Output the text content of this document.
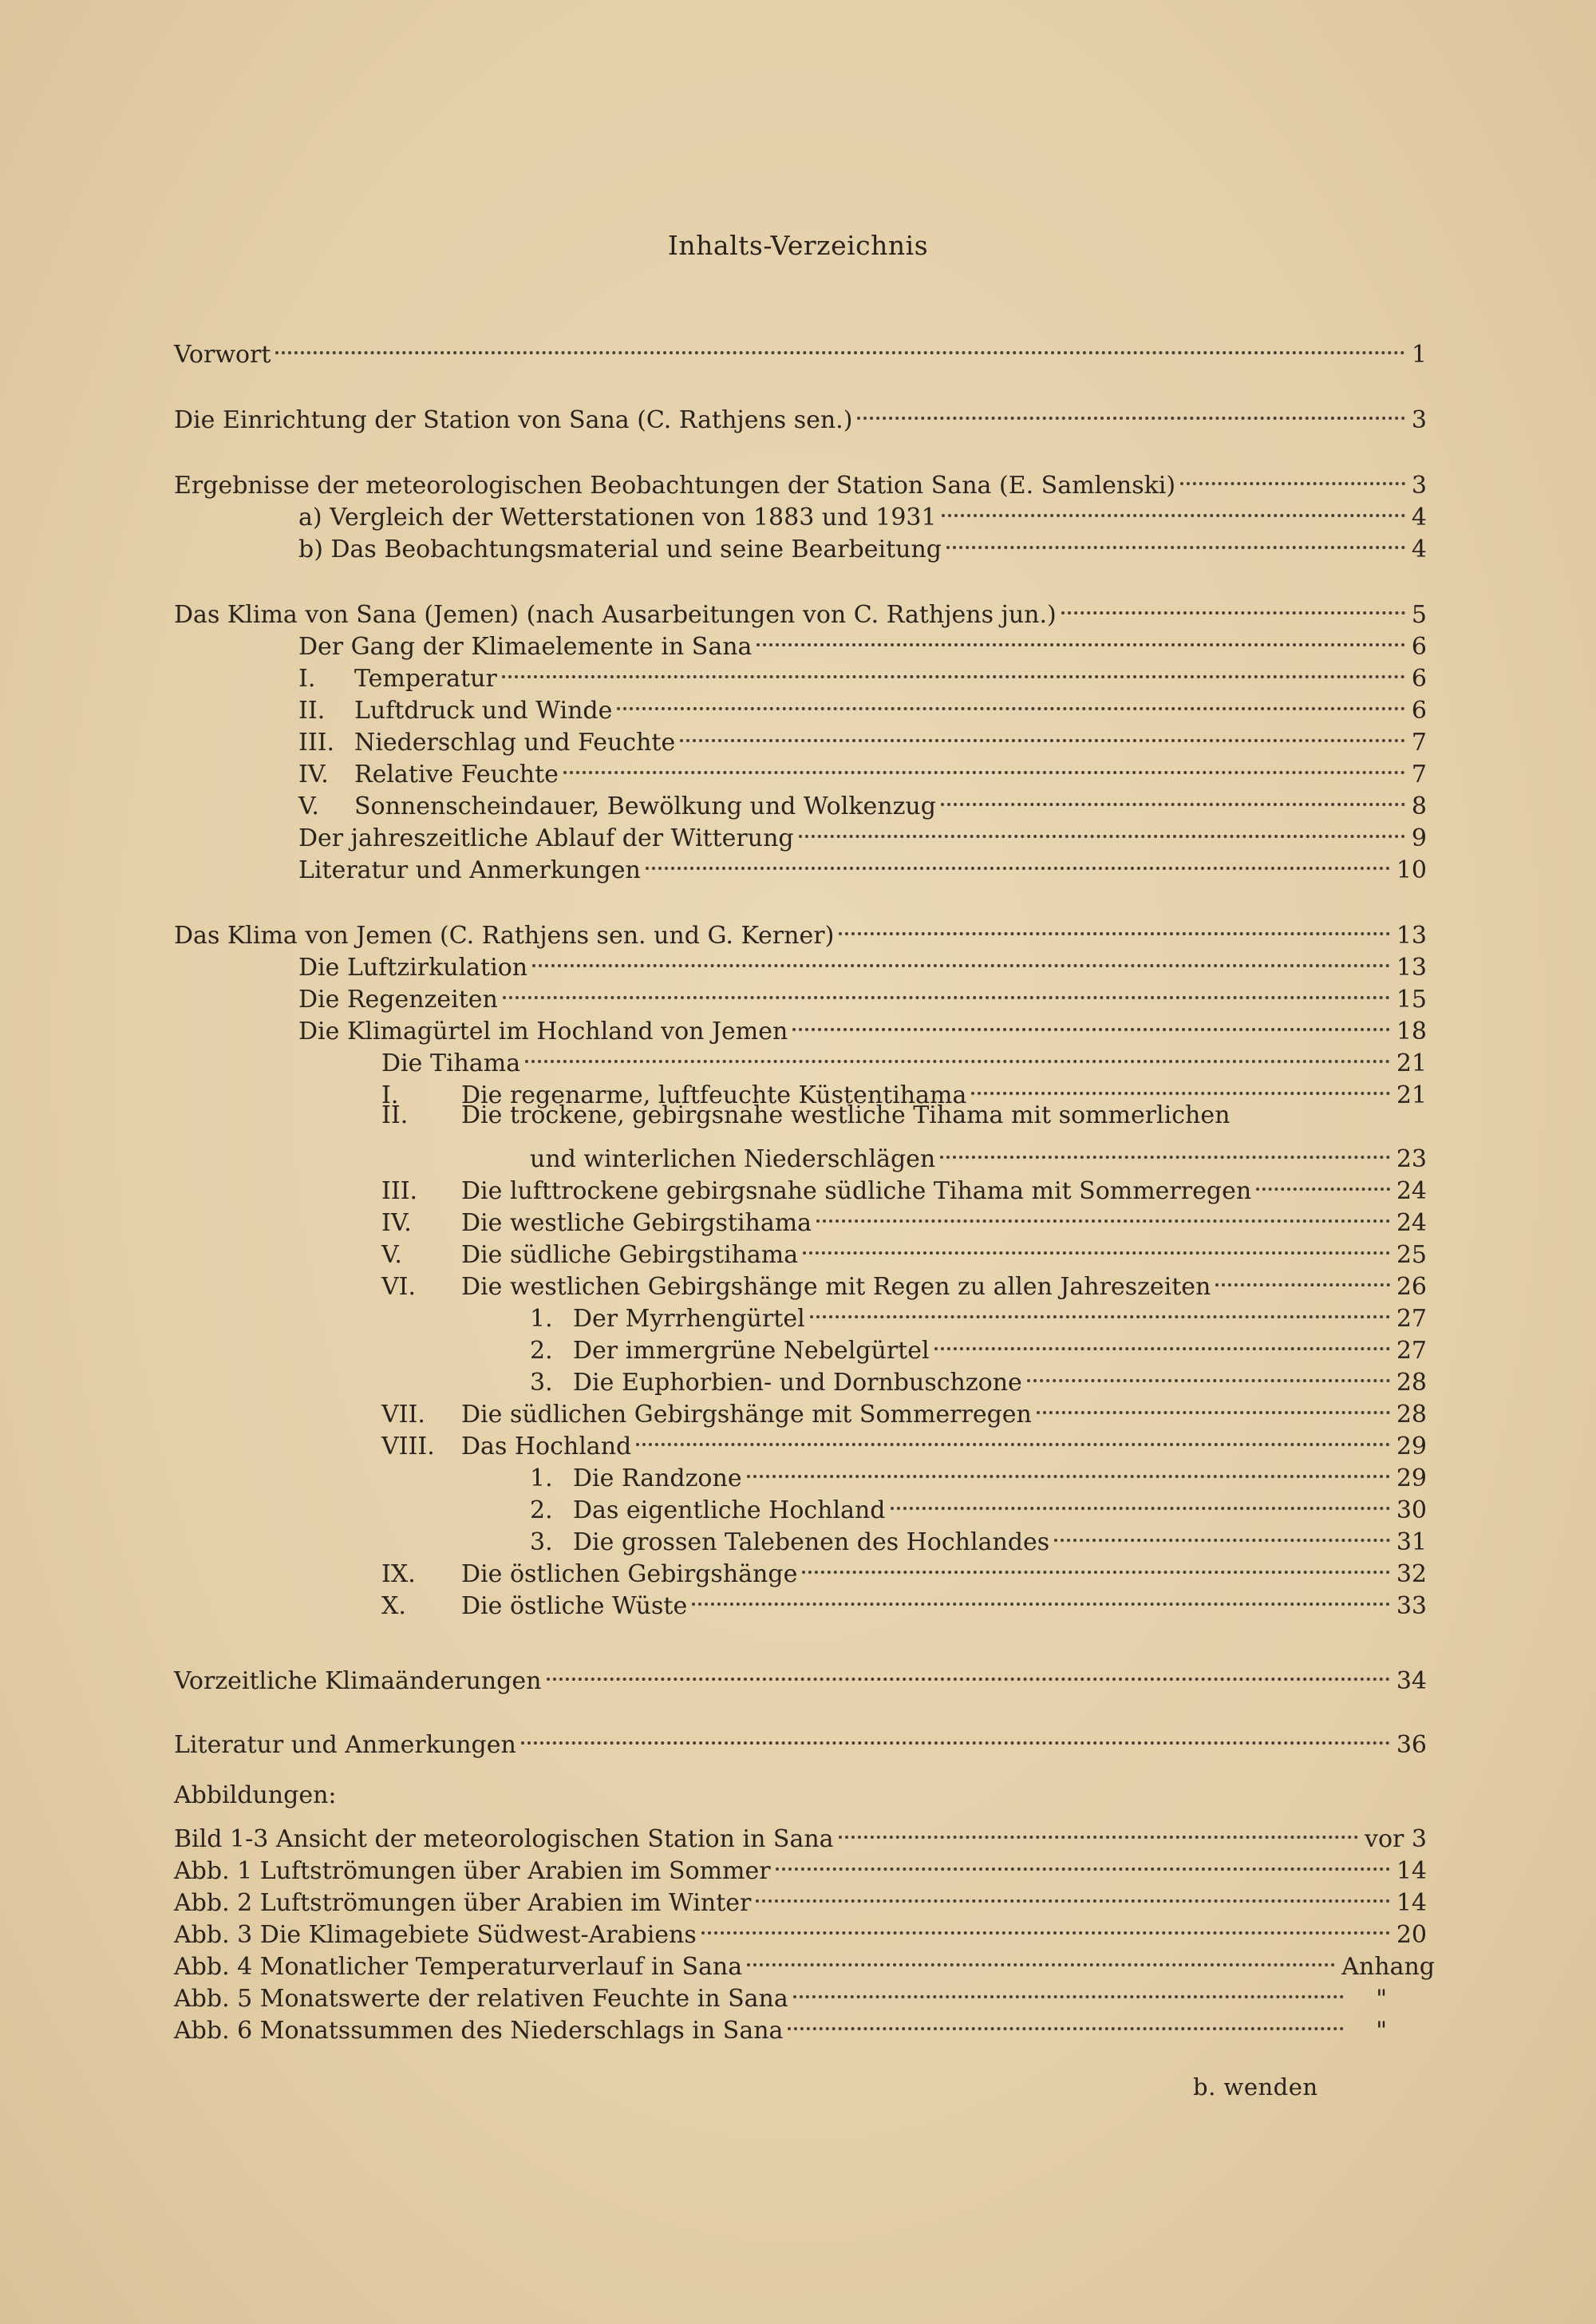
Inhalts-Verzeichnis
Vorwort	1
Die Einrichtung der Station von Sana (C. Rathjens sen.)	3
Ergebnisse der meteorologischen Beobachtungen der Station Sana (E. Samlenski)	3
a) Vergleich der Wetterstationen von 1883 und 1931	4
b) Das Beobachtungsmaterial und seine Bearbeitung	4
Das Klima von Sana (Jemen) (nach Ausarbeitungen von C. Rathjens jun.)	5
Der Gang der Klimaelemente in Sana	6
I. Temperatur	6
II. Luftdruck und Winde	6
III. Niederschlag und Feuchte	7
IV. Relative Feuchte	7
V. Sonnenscheindauer, Bewölkung und Wolkenzug	8
Der jahreszeitliche Ablauf der Witterung	9
Literatur und Anmerkungen	10
Das Klima von Jemen (C. Rathjens sen. und G. Kerner)	13
Die Luftzirkulation	13
Die Regenzeiten	15
Die Klimagürtel im Hochland von Jemen	18
Die Tihama	21
I.	Die regenarme, luftfeuchte Küstentihama	21
II. Die trockene, gebirgsnahe westliche Tihama mit sommerlichen
und winterlichen Niederschlägen	23
III. Die lufttrockene gebirgsnahe südliche Tihama mit Sommerregen	24
IV. Die westliche Gebirgstihama	24
V. Die südliche Gebirgstihama	25
VI. Die westlichen Gebirgshänge mit Regen zu allen Jahreszeiten	26
1. Der Myrrhengürtel	27
2. Der immergrüne Nebelgürtel	27
3. Die Euphorbien- und Dornbuschzone	28
VII. Die südlichen Gebirgshänge mit Sommerregen	28
VIII. Das Hochland	29
1. Die Randzone	29
2. Das eigentliche Hochland	30
3. Die grossen Talebenen des Hochlandes	31
IX. Die östlichen Gebirgshänge	32
X. Die östliche Wüste	33
Vorzeitliche Klimaänderungen	34
Literatur und Anmerkungen	36
Abbildungen:
Bild 1-3 Ansicht der meteorologischen Station in Sana	vor 3
Abb. 1 Luftströmungen über Arabien im Sommer	14
Abb. 2 Luftströmungen über Arabien im Winter	14
Abb. 3 Die Klimagebiete Südwest-Arabiens	20
Abb. 4 Monatlicher Temperaturverlauf in Sana	Anhang
Abb. 5 Monatswerte der relativen Feuchte in Sana	"
Abb. 6 Monatssummen des Niederschlags in Sana	"
b. wenden
